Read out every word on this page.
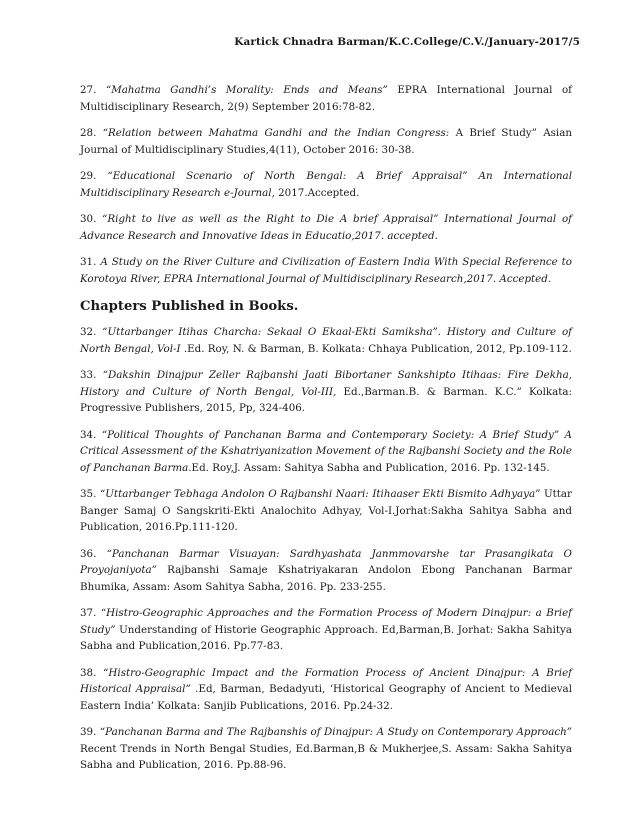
Kartick Chnadra Barman/K.C.College/C.V./January-2017/5

27. “Mahatma Gandhi’s Morality: Ends and Means” EPRA International Journal of Multidisciplinary Research, 2(9) September 2016:78-82.

28. “Relation between Mahatma Gandhi and the Indian Congress: A Brief Study” Asian Journal of Multidisciplinary Studies,4(11), October 2016: 30-38.

29. “Educational Scenario of North Bengal: A Brief Appraisal” An International Multidisciplinary Research e-Journal, 2017.Accepted.

30. “Right to live as well as the Right to Die A brief Appraisal” International Journal of Advance Research and Innovative Ideas in Educatio,2017. accepted.

31. A Study on the River Culture and Civilization of Eastern India With Special Reference to Korotoya River, EPRA International Journal of Multidisciplinary Research,2017. Accepted.

Chapters Published in Books.

32. “Uttarbanger Itihas Charcha: Sekaal O Ekaal-Ekti Samiksha”. History and Culture of North Bengal, Vol-I .Ed. Roy, N. & Barman, B. Kolkata: Chhaya Publication, 2012, Pp.109-112.

33. “Dakshin Dinajpur Zeller Rajbanshi Jaati Bibortaner Sankshipto Itihaas: Fire Dekha, History and Culture of North Bengal, Vol-III, Ed.,Barman.B. & Barman. K.C.” Kolkata: Progressive Publishers, 2015, Pp, 324-406.

34. “Political Thoughts of Panchanan Barma and Contemporary Society: A Brief Study” A Critical Assessment of the Kshatriyanization Movement of the Rajbanshi Society and the Role of Panchanan Barma.Ed. Roy,J. Assam: Sahitya Sabha and Publication, 2016. Pp. 132-145.

35. “Uttarbanger Tebhaga Andolon O Rajbanshi Naari: Itihaaser Ekti Bismito Adhyaya” Uttar Banger Samaj O Sangskriti-Ekti Analochito Adhyay, Vol-I.Jorhat:Sakha Sahitya Sabha and Publication, 2016.Pp.111-120.

36. “Panchanan Barmar Visuayan: Sardhyashata Janmmovarshe tar Prasangikata O Proyojaniyota” Rajbanshi Samaje Kshatriyakaran Andolon Ebong Panchanan Barmar Bhumika, Assam: Asom Sahitya Sabha, 2016. Pp. 233-255.

37. “Histro-Geographic Approaches and the Formation Process of Modern Dinajpur: a Brief Study” Understanding of Historie Geographic Approach. Ed,Barman,B. Jorhat: Sakha Sahitya Sabha and Publication,2016. Pp.77-83.

38. “Histro-Geographic Impact and the Formation Process of Ancient Dinajpur: A Brief Historical Appraisal” .Ed, Barman, Bedadyuti, ‘Historical Geography of Ancient to Medieval Eastern India’ Kolkata: Sanjib Publications, 2016. Pp.24-32.

39. “Panchanan Barma and The Rajbanshis of Dinajpur: A Study on Contemporary Approach” Recent Trends in North Bengal Studies, Ed.Barman,B & Mukherjee,S. Assam: Sakha Sahitya Sabha and Publication, 2016. Pp.88-96.
